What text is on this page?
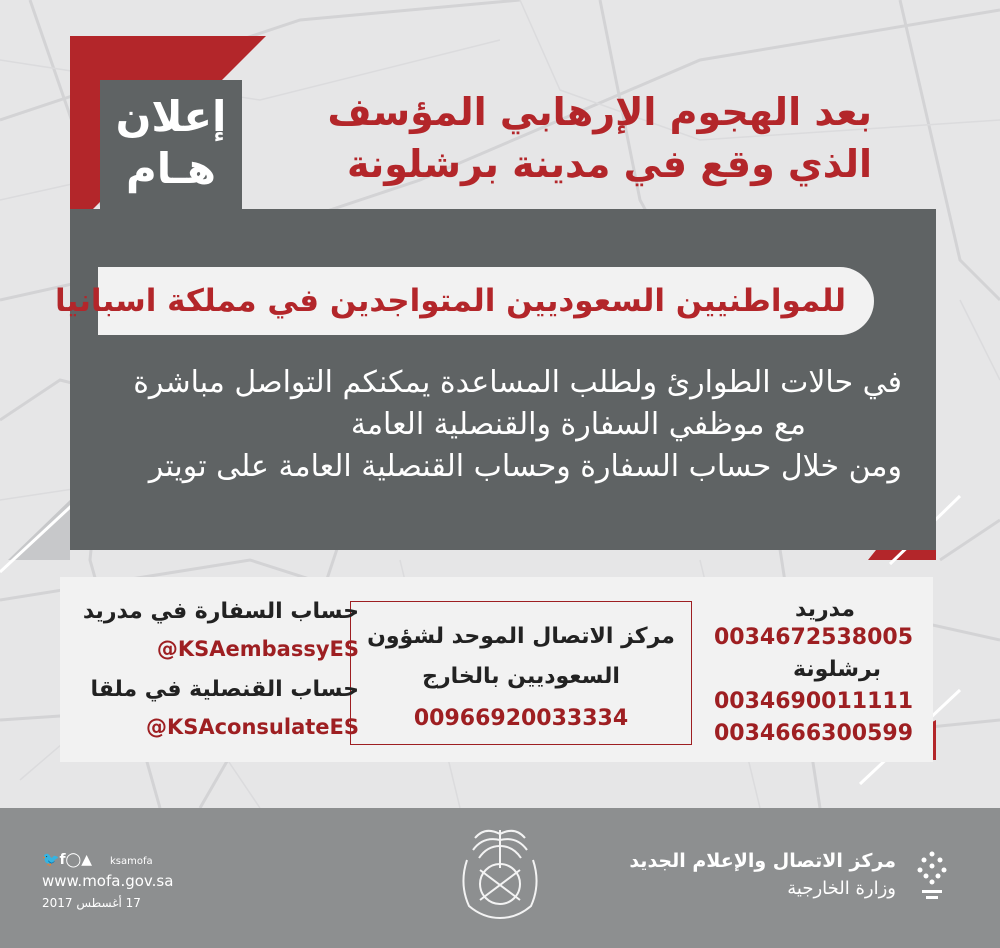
إعلان
هـام
بعد الهجوم الإرهابي المؤسف
الذي وقع في مدينة برشلونة
للمواطنيين السعوديين المتواجدين في مملكة اسبانيا
في حالات الطوارئ ولطلب المساعدة يمكنكم التواصل مباشرة
مع موظفي السفارة والقنصلية العامة
ومن خلال حساب السفارة وحساب القنصلية العامة على تويتر
مدريد
0034672538005
برشلونة
0034690011111
0034666300599
مركز الاتصال الموحد لشؤون
السعوديين بالخارج
00966920033334
حساب السفارة في مدريد
@KSAembassyES
حساب القنصلية في ملقا
@KSAconsulateES
🐦f◯▲ ksamofa
www.mofa.gov.sa
17 أغسطس 2017
مركز الاتصال والإعلام الجديد
وزارة الخارجية
